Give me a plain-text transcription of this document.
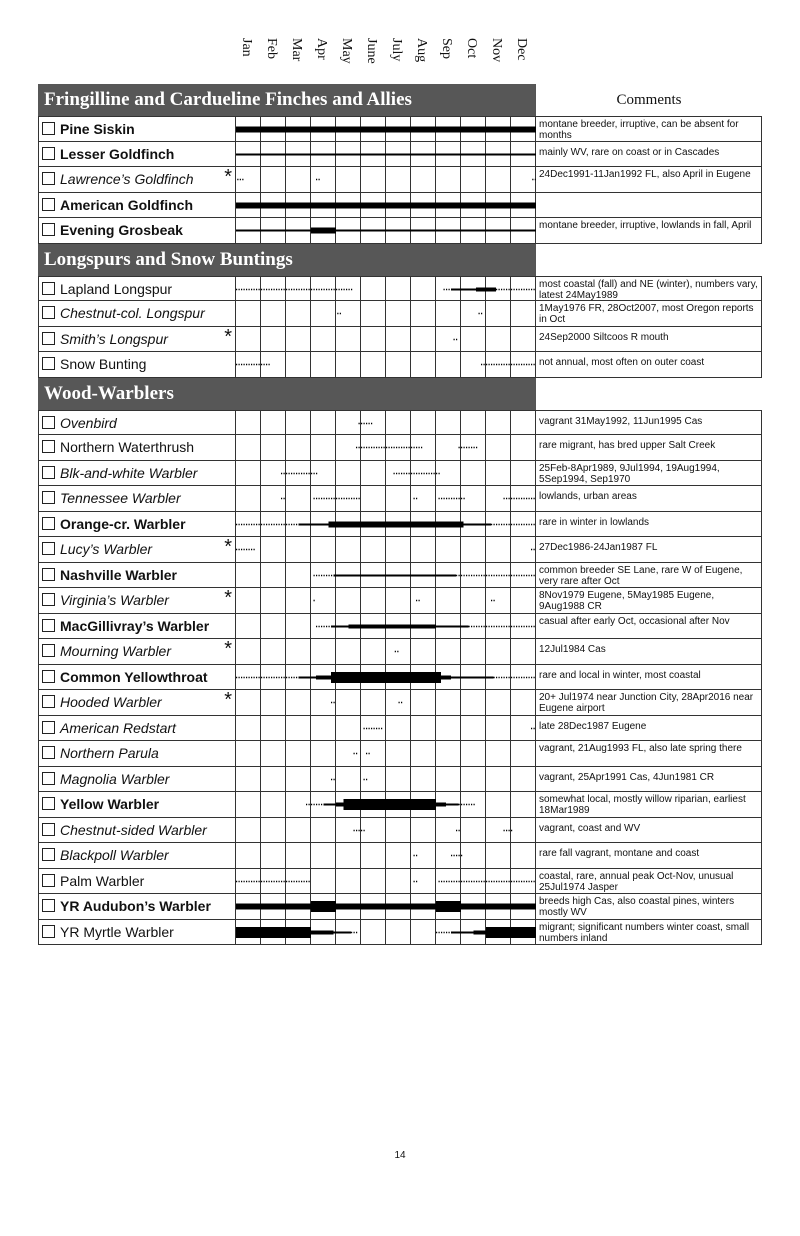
Jan Feb Mar Apr May June July Aug Sep Oct Nov Dec
Fringilline and Cardueline Finches and Allies	Comments
Pine Siskin	montane breeder, irruptive, can be absent for months
Lesser Goldfinch	mainly WV, rare on coast or in Cascades
Lawrence’s Goldfinch *	24Dec1991-11Jan1992 FL, also April in Eugene
American Goldfinch
Evening Grosbeak	montane breeder, irruptive, lowlands in fall, April
Longspurs and Snow Buntings
Lapland Longspur	most coastal (fall) and NE (winter), numbers vary, latest 24May1989
Chestnut-col. Longspur	1May1976 FR, 28Oct2007, most Oregon reports in Oct
Smith’s Longspur	*	24Sep2000 Siltcoos R mouth
Snow Bunting	not annual, most often on outer coast
Wood-Warblers
Ovenbird	vagrant 31May1992, 11Jun1995 Cas
Northern Waterthrush	rare migrant, has bred upper Salt Creek
Blk-and-white Warbler	25Feb-8Apr1989, 9Jul1994, 19Aug1994, 5Sep1994, Sep1970
Tennessee Warbler	lowlands, urban areas
Orange-cr. Warbler	rare in winter in lowlands
Lucy’s Warbler	*	27Dec1986-24Jan1987 FL
Nashville Warbler	common breeder SE Lane, rare W of Eugene, very rare after Oct
Virginia’s Warbler	*	8Nov1979 Eugene, 5May1985 Eugene, 9Aug1988 CR
MacGillivray’s Warbler	casual after early Oct, occasional after Nov
Mourning Warbler	*	12Jul1984 Cas
Common Yellowthroat	rare and local in winter, most coastal
Hooded Warbler	*	20+ Jul1974 near Junction City, 28Apr2016 near Eugene airport
American Redstart	late 28Dec1987 Eugene
Northern Parula	vagrant, 21Aug1993 FL, also late spring there
Magnolia Warbler	vagrant, 25Apr1991 Cas, 4Jun1981 CR
Yellow Warbler	somewhat local, mostly willow riparian, earliest 18Mar1989
Chestnut-sided Warbler	vagrant, coast and WV
Blackpoll Warbler	rare fall vagrant, montane and coast
Palm Warbler	coastal, rare, annual peak Oct-Nov, unusual 25Jul1974 Jasper
YR Audubon’s Warbler	breeds high Cas, also coastal pines, winters mostly WV
YR Myrtle Warbler	migrant; significant numbers winter coast, small numbers inland
14
